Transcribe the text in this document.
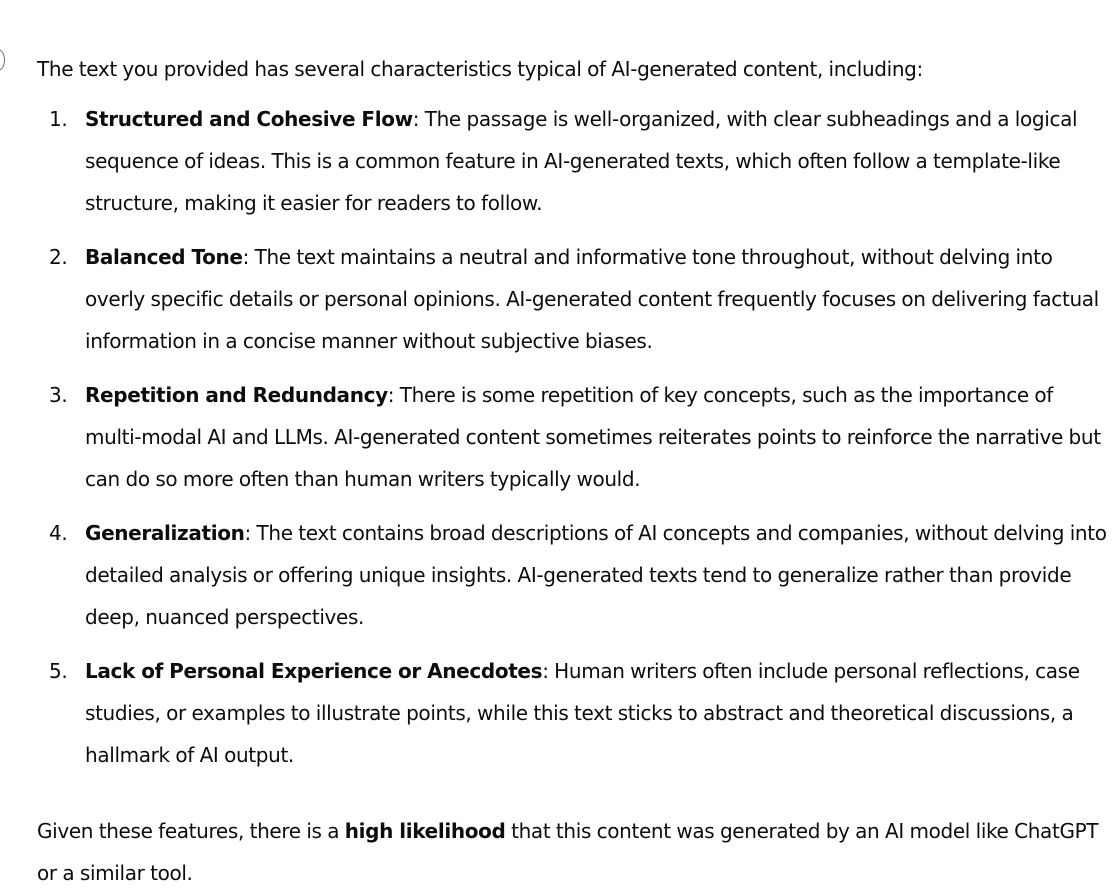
The text you provided has several characteristics typical of AI-generated content, including:

1. Structured and Cohesive Flow: The passage is well-organized, with clear subheadings and a logical sequence of ideas. This is a common feature in AI-generated texts, which often follow a template-like structure, making it easier for readers to follow.
2. Balanced Tone: The text maintains a neutral and informative tone throughout, without delving into overly specific details or personal opinions. AI-generated content frequently focuses on delivering factual information in a concise manner without subjective biases.
3. Repetition and Redundancy: There is some repetition of key concepts, such as the importance of multi-modal AI and LLMs. AI-generated content sometimes reiterates points to reinforce the narrative but can do so more often than human writers typically would.
4. Generalization: The text contains broad descriptions of AI concepts and companies, without delving into detailed analysis or offering unique insights. AI-generated texts tend to generalize rather than provide deep, nuanced perspectives.
5. Lack of Personal Experience or Anecdotes: Human writers often include personal reflections, case studies, or examples to illustrate points, while this text sticks to abstract and theoretical discussions, a hallmark of AI output.

Given these features, there is a high likelihood that this content was generated by an AI model like ChatGPT or a similar tool.
